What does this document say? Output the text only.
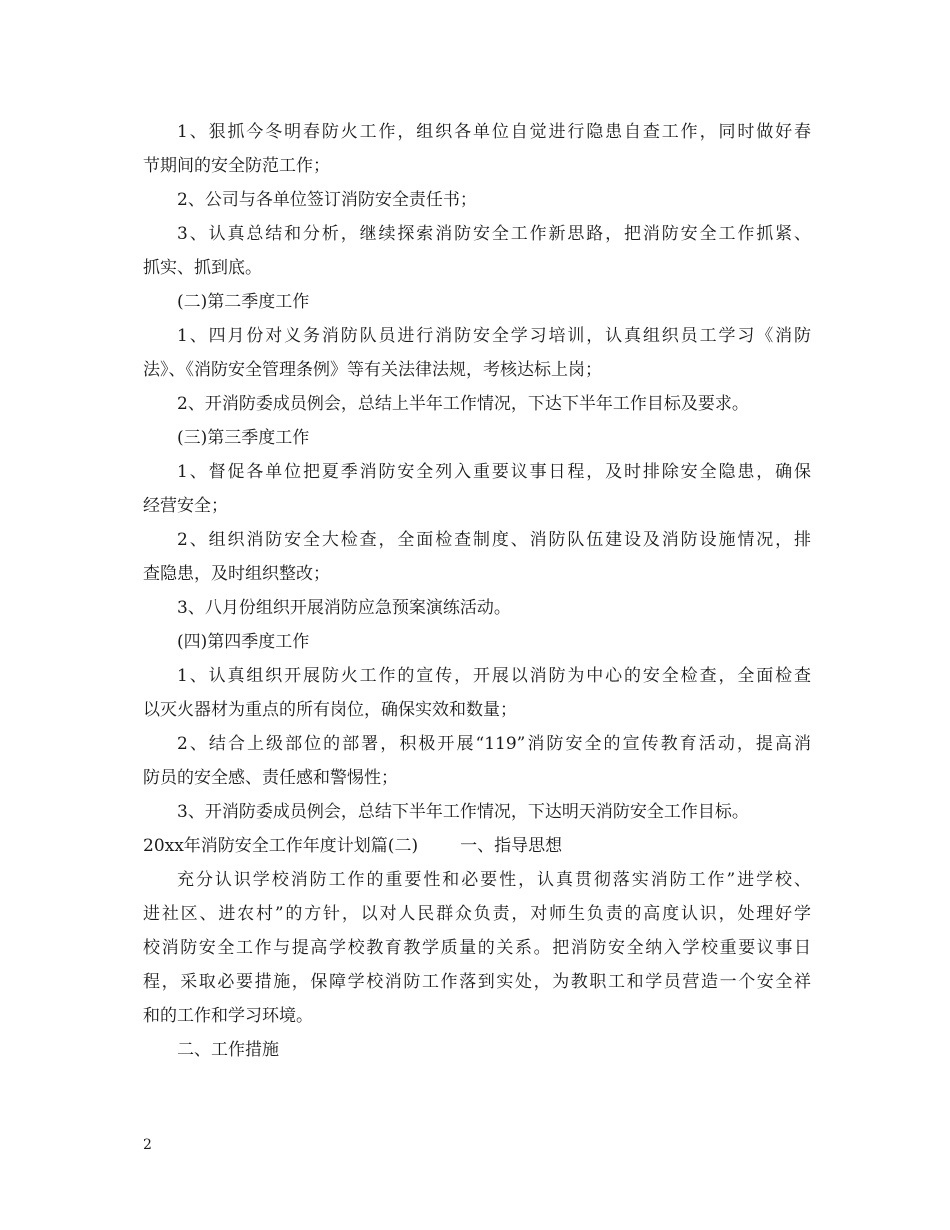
1、狠抓今冬明春防火工作，组织各单位自觉进行隐患自查工作，同时做好春
节期间的安全防范工作；
2、公司与各单位签订消防安全责任书；
3、认真总结和分析，继续探索消防安全工作新思路，把消防安全工作抓紧、
抓实、抓到底。
(二)第二季度工作
1、四月份对义务消防队员进行消防安全学习培训，认真组织员工学习《消防
法》、《消防安全管理条例》等有关法律法规，考核达标上岗；
2、开消防委成员例会，总结上半年工作情况，下达下半年工作目标及要求。
(三)第三季度工作
1、督促各单位把夏季消防安全列入重要议事日程，及时排除安全隐患，确保
经营安全；
2、组织消防安全大检查，全面检查制度、消防队伍建设及消防设施情况，排
查隐患，及时组织整改；
3、八月份组织开展消防应急预案演练活动。
(四)第四季度工作
1、认真组织开展防火工作的宣传，开展以消防为中心的安全检查，全面检查
以灭火器材为重点的所有岗位，确保实效和数量；
2、结合上级部位的部署，积极开展“119”消防安全的宣传教育活动，提高消
防员的安全感、责任感和警惕性；
3、开消防委成员例会，总结下半年工作情况，下达明天消防安全工作目标。
20xx年消防安全工作年度计划篇(二) 一、指导思想
充分认识学校消防工作的重要性和必要性，认真贯彻落实消防工作”进学校、
进社区、进农村”的方针，以对人民群众负责，对师生负责的高度认识，处理好学
校消防安全工作与提高学校教育教学质量的关系。把消防安全纳入学校重要议事日
程，采取必要措施，保障学校消防工作落到实处，为教职工和学员营造一个安全祥
和的工作和学习环境。
二、工作措施
2
